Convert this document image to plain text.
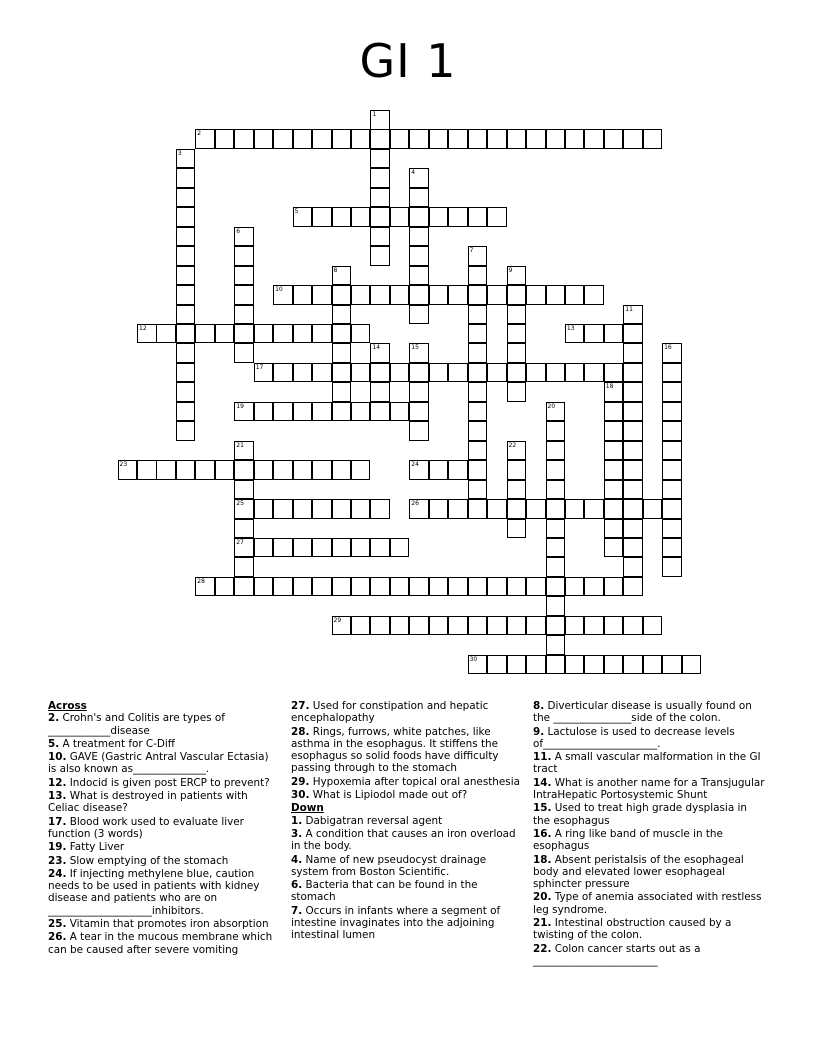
GI 1
1
2
3
4
5
6
7
8	9
10
11
12	13
14	15	16
17
18
19	20
21
25
27
22
23	24
26
28
29
30
Across
2. Crohn's and Colitis are types of ____________disease
5. A treatment for C-Diff
10. GAVE (Gastric Antral Vascular Ectasia) is also known as______________.
12. Indocid is given post ERCP to prevent?
13. What is destroyed in patients with Celiac disease?
17. Blood work used to evaluate liver function (3 words)
19. Fatty Liver
23. Slow emptying of the stomach
24. If injecting methylene blue, caution needs to be used in patients with kidney disease and patients who are on ____________________inhibitors.
25. Vitamin that promotes iron absorption
26. A tear in the mucous membrane which can be caused after severe vomiting
27. Used for constipation and hepatic encephalopathy
28. Rings, furrows, white patches, like asthma in the esophagus. It stiffens the esophagus so solid foods have difficulty passing through to the stomach
29. Hypoxemia after topical oral anesthesia
30. What is Lipiodol made out of?
Down
1. Dabigatran reversal agent
3. A condition that causes an iron overload in the body.
4. Name of new pseudocyst drainage system from Boston Scientific.
6. Bacteria that can be found in the stomach
7. Occurs in infants where a segment of intestine invaginates into the adjoining intestinal lumen
8. Diverticular disease is usually found on the _______________side of the colon.
9. Lactulose is used to decrease levels of______________________.
11. A small vascular malformation in the GI tract
14. What is another name for a Transjugular IntraHepatic Portosystemic Shunt
15. Used to treat high grade dysplasia in the esophagus
16. A ring like band of muscle in the esophagus
18. Absent peristalsis of the esophageal body and elevated lower esophageal sphincter pressure
20. Type of anemia associated with restless leg syndrome.
21. Intestinal obstruction caused by a twisting of the colon.
22. Colon cancer starts out as a ________________________
